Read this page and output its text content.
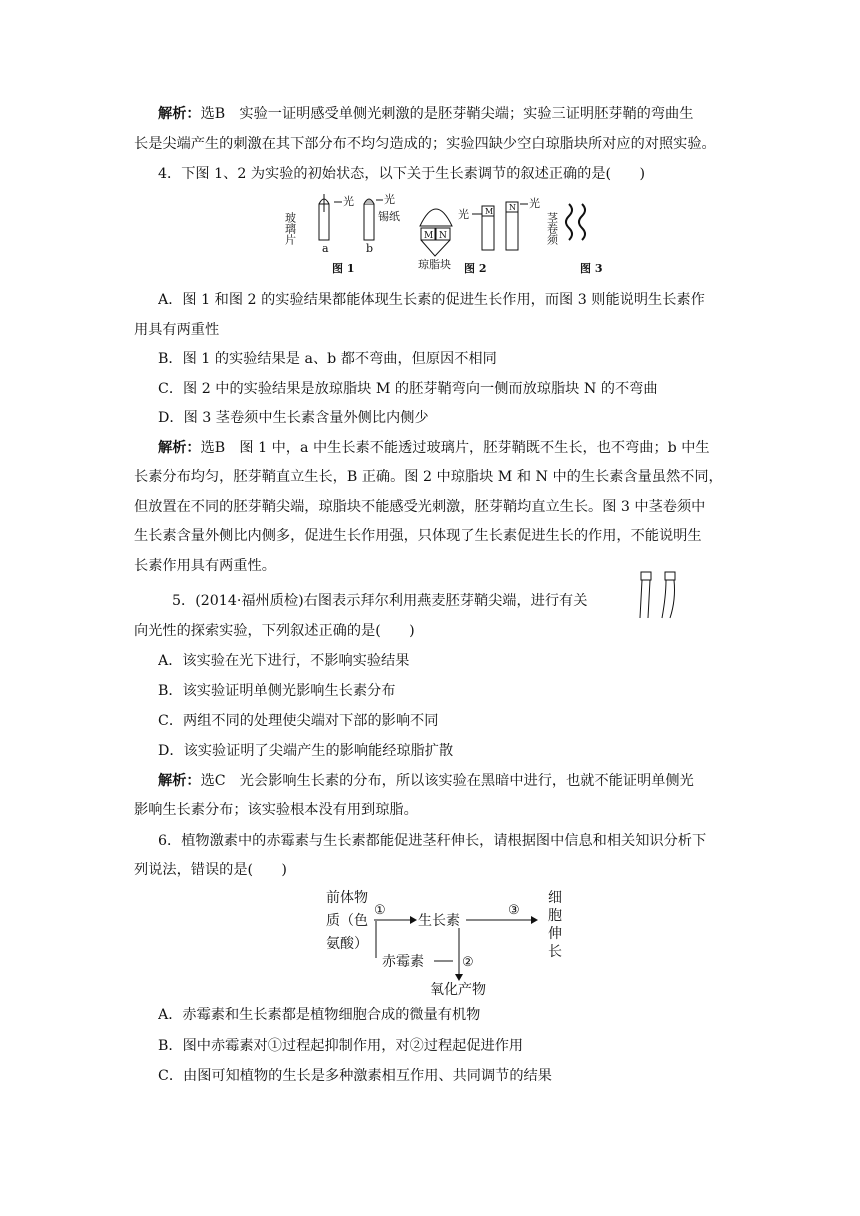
解析：选B　实验一证明感受单侧光刺激的是胚芽鞘尖端；实验三证明胚芽鞘的弯曲生
长是尖端产生的刺激在其下部分布不均匀造成的；实验四缺少空白琼脂块所对应的对照实验。
4．下图 1、2 为实验的初始状态，以下关于生长素调节的叙述正确的是(　　)
玻璃片
光
a
光
锡纸
b
图 1
M N
琼脂块
光 M N 光
图 2
茎卷须
图 3
A．图 1 和图 2 的实验结果都能体现生长素的促进生长作用，而图 3 则能说明生长素作
用具有两重性
B．图 1 的实验结果是 a、b 都不弯曲，但原因不相同
C．图 2 中的实验结果是放琼脂块 M 的胚芽鞘弯向一侧而放琼脂块 N 的不弯曲
D．图 3 茎卷须中生长素含量外侧比内侧少
解析：选B　图 1 中，a 中生长素不能透过玻璃片，胚芽鞘既不生长，也不弯曲；b 中生
长素分布均匀，胚芽鞘直立生长，B 正确。图 2 中琼脂块 M 和 N 中的生长素含量虽然不同，
但放置在不同的胚芽鞘尖端，琼脂块不能感受光刺激，胚芽鞘均直立生长。图 3 中茎卷须中
生长素含量外侧比内侧多，促进生长作用强，只体现了生长素促进生长的作用，不能说明生
长素作用具有两重性。
5．(2014·福州质检)右图表示拜尔利用燕麦胚芽鞘尖端，进行有关
向光性的探索实验，下列叙述正确的是(　　)
A．该实验在光下进行，不影响实验结果
B．该实验证明单侧光影响生长素分布
C．两组不同的处理使尖端对下部的影响不同
D．该实验证明了尖端产生的影响能经琼脂扩散
解析：选C　光会影响生长素的分布，所以该实验在黑暗中进行，也就不能证明单侧光
影响生长素分布；该实验根本没有用到琼脂。
6．植物激素中的赤霉素与生长素都能促进茎秆伸长，请根据图中信息和相关知识分析下
列说法，错误的是(　　)
前体物
质（色
氨酸）
①
生长素
③
细
胞
伸
长
赤霉素	②
氧化产物
A．赤霉素和生长素都是植物细胞合成的微量有机物
B．图中赤霉素对①过程起抑制作用，对②过程起促进作用
C．由图可知植物的生长是多种激素相互作用、共同调节的结果
